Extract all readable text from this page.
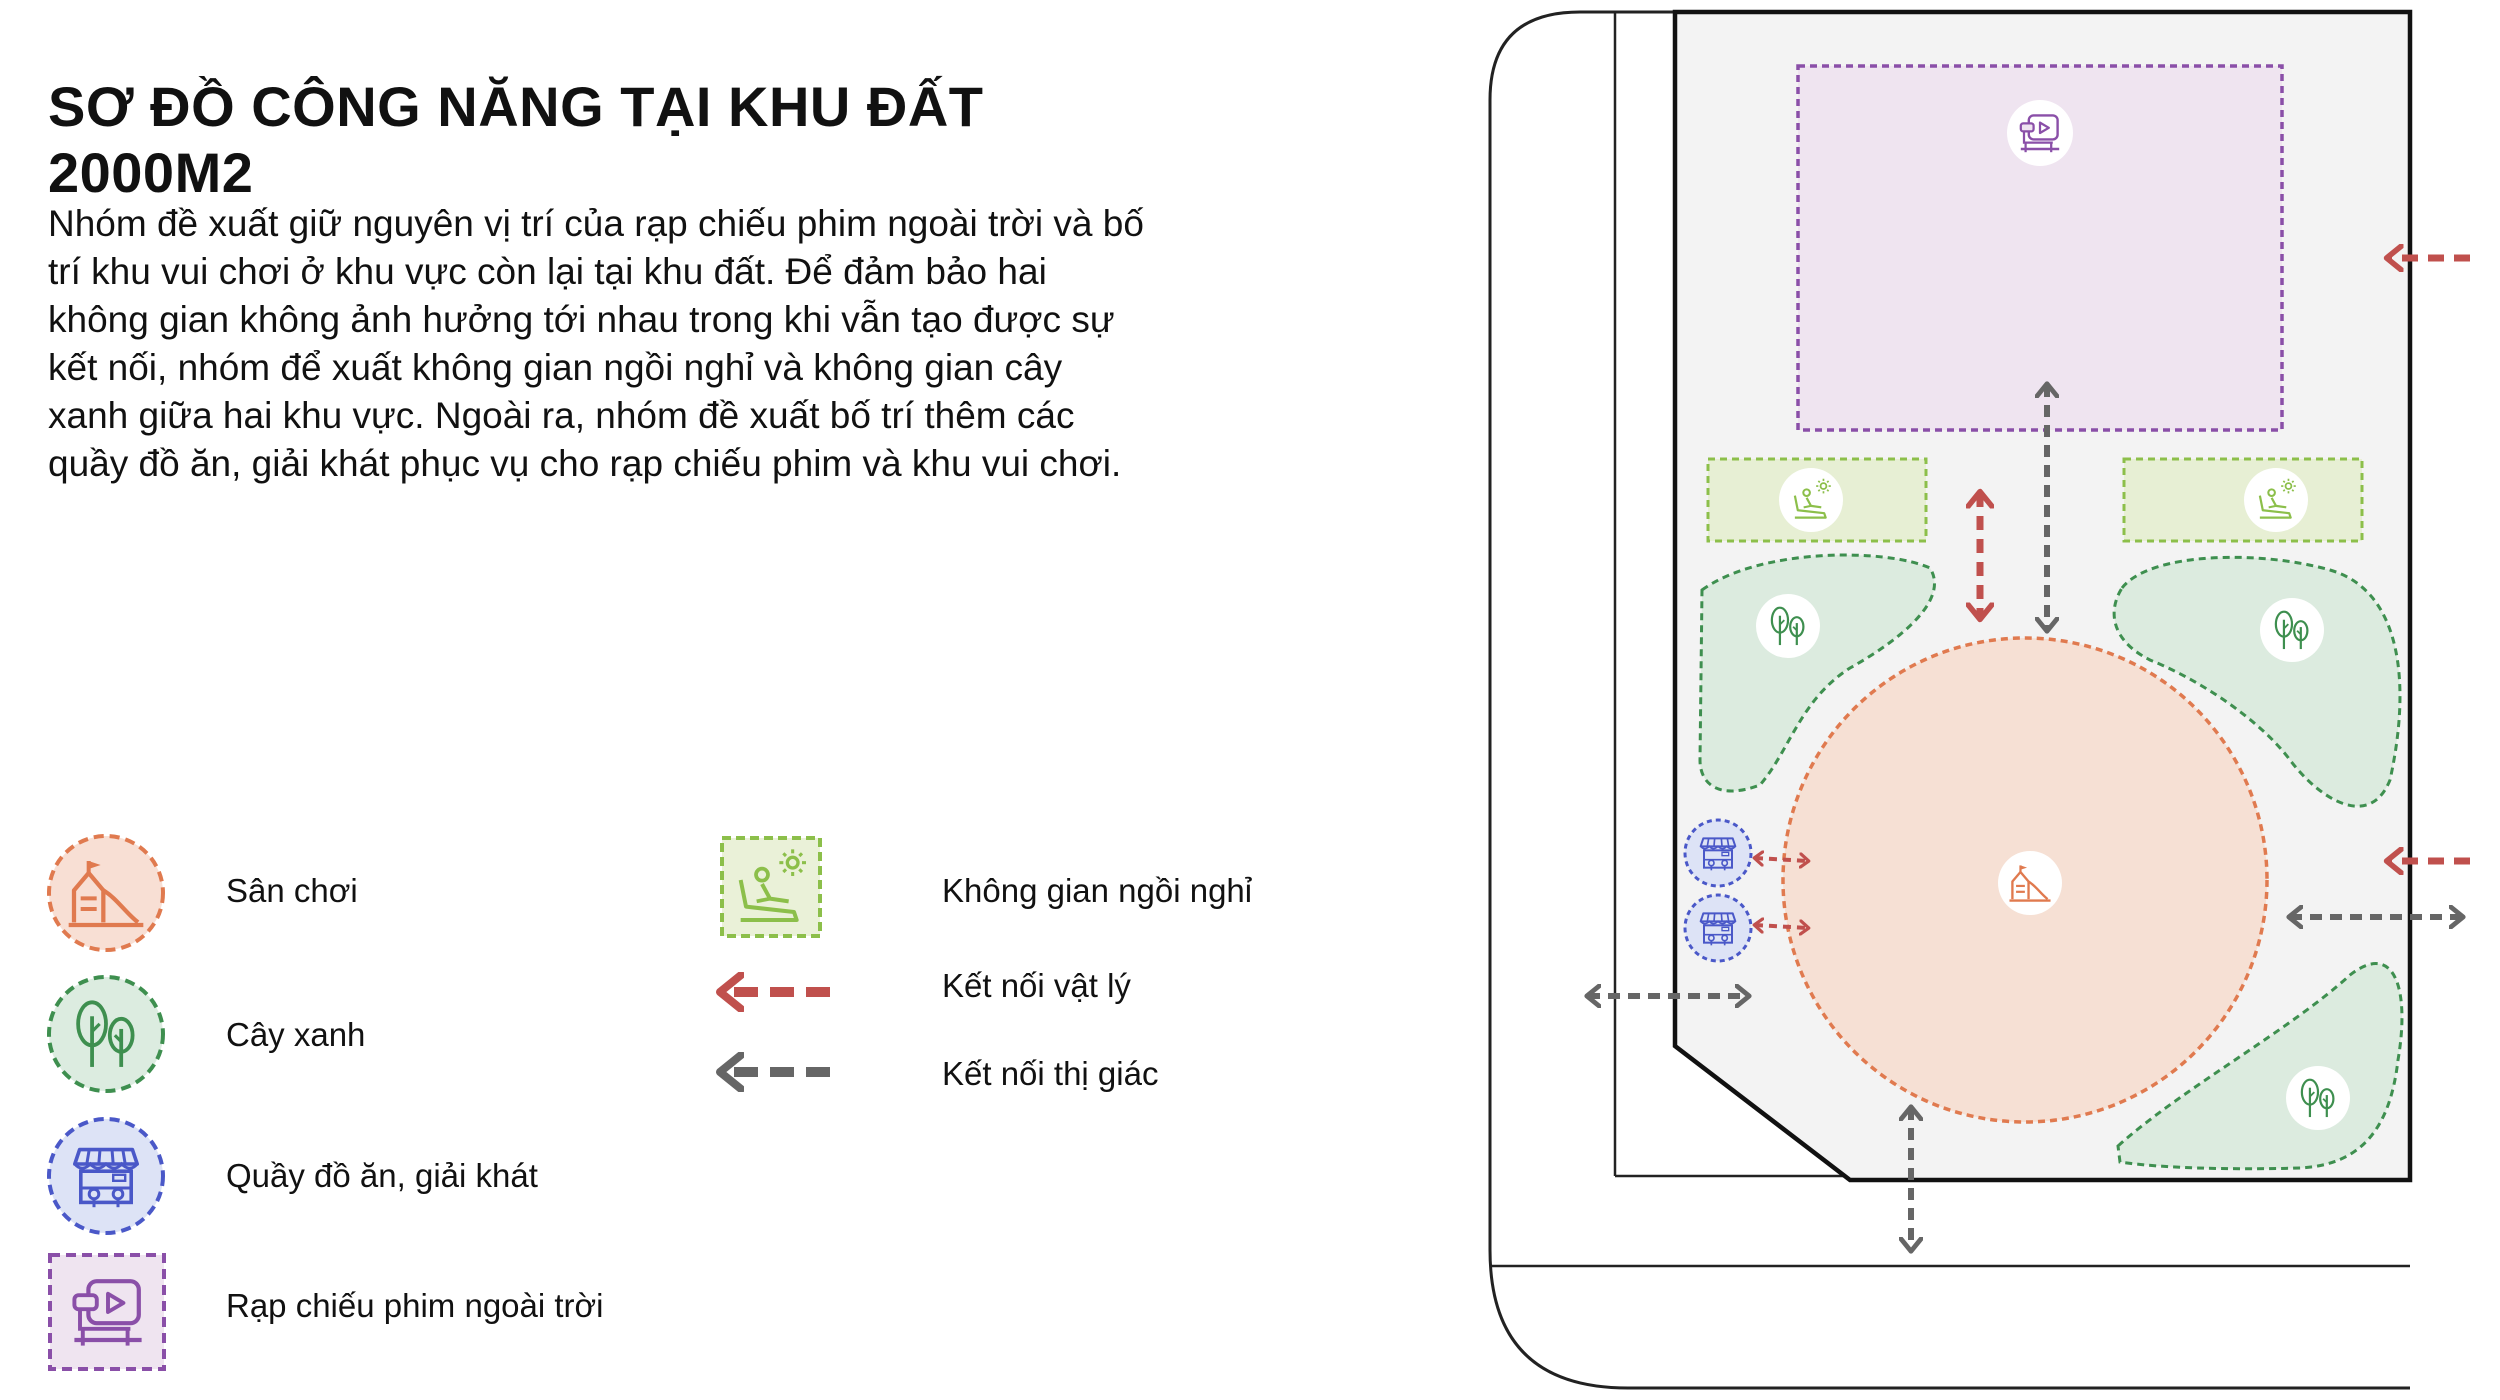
SƠ ĐỒ CÔNG NĂNG TẠI KHU ĐẤT 2000M2

Nhóm đề xuất giữ nguyên vị trí của rạp chiếu phim ngoài trời và bố trí khu vui chơi ở khu vực còn lại tại khu đất. Để đảm bảo hai không gian không ảnh hưởng tới nhau trong khi vẫn tạo được sự kết nối, nhóm để xuất không gian ngồi nghỉ và không gian cây xanh giữa hai khu vực. Ngoài ra, nhóm đề xuất bố trí thêm các quầy đồ ăn, giải khát phục vụ cho rạp chiếu phim và khu vui chơi.

Sân chơi
Cây xanh
Quầy đồ ăn, giải khát
Rạp chiếu phim ngoài trời
Không gian ngồi nghỉ
Kết nối vật lý
Kết nối thị giác
